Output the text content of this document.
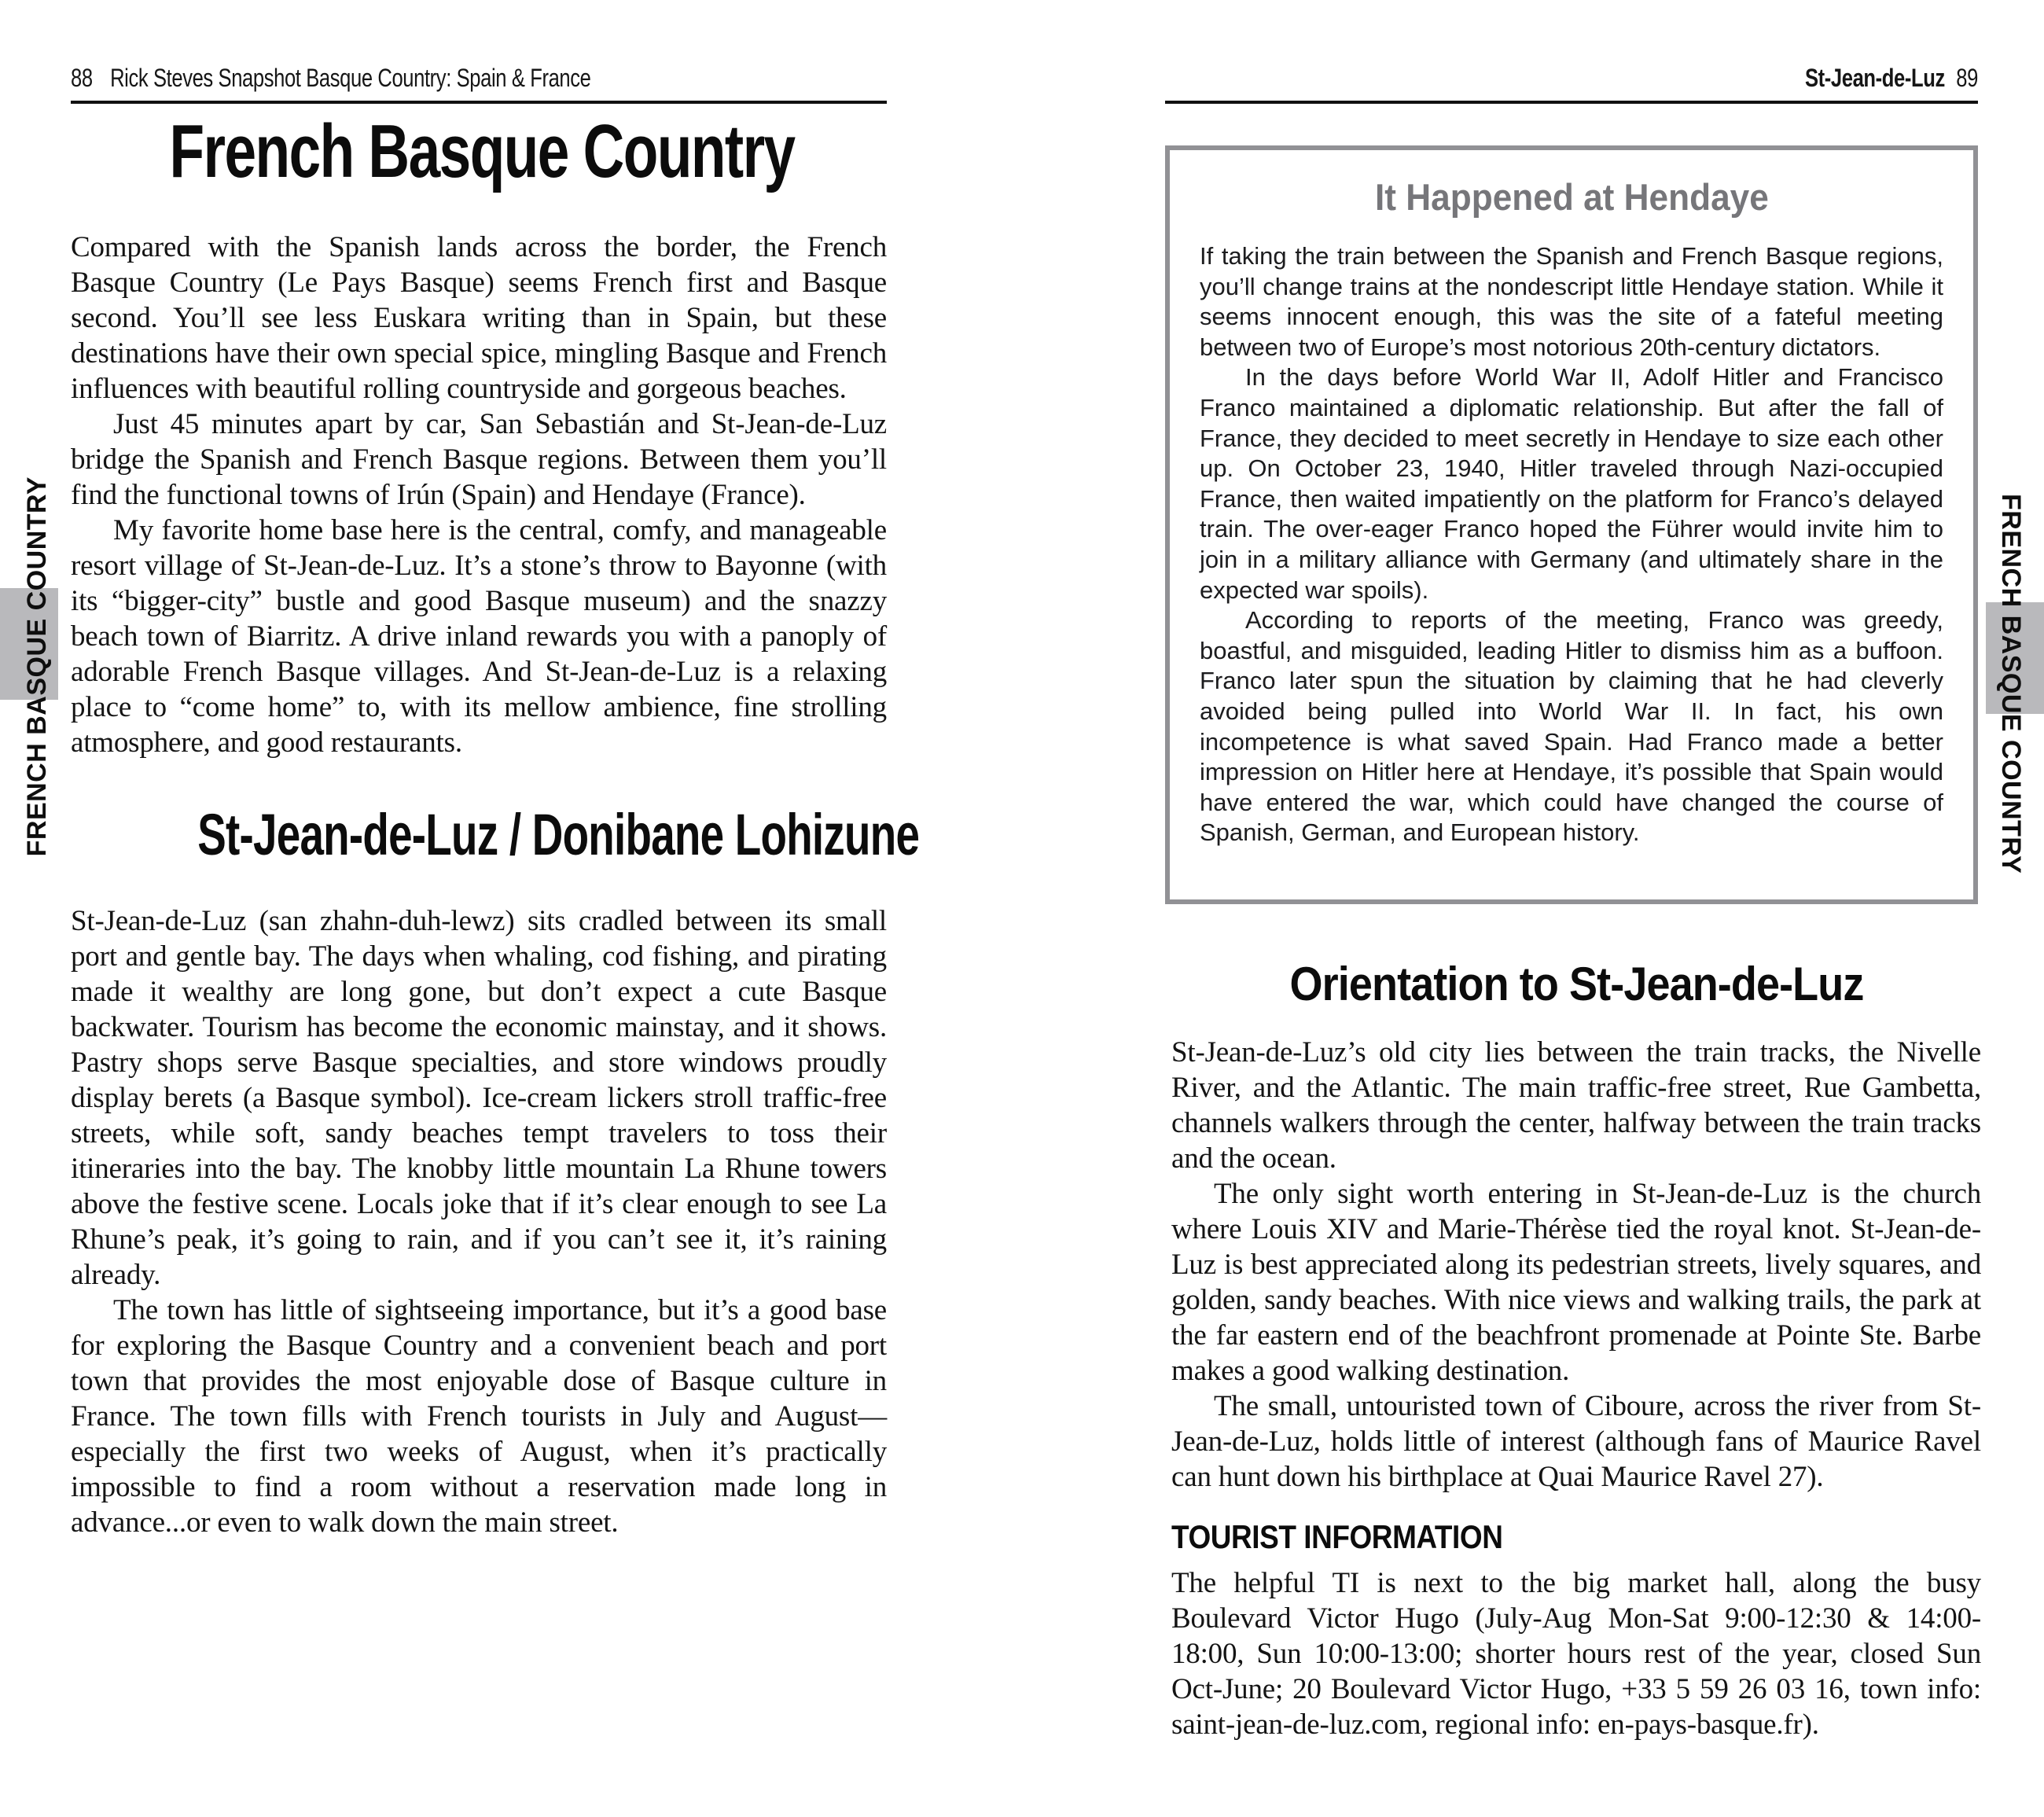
88 Rick Steves Snapshot Basque Country: Spain & France	St-Jean-de-Luz 89
French Basque Country

Compared with the Spanish lands across the border, the French Basque Country (Le Pays Basque) seems French first and Basque second. You’ll see less Euskara writing than in Spain, but these destinations have their own special spice, mingling Basque and French influences with beautiful rolling countryside and gorgeous beaches.

Just 45 minutes apart by car, San Sebastián and St-Jean-de-Luz bridge the Spanish and French Basque regions. Between them you’ll find the functional towns of Irún (Spain) and Hendaye (France).

My favorite home base here is the central, comfy, and manageable resort village of St-Jean-de-Luz. It’s a stone’s throw to Bayonne (with its “bigger-city” bustle and good Basque museum) and the snazzy beach town of Biarritz. A drive inland rewards you with a panoply of adorable French Basque villages. And St-Jean-de-Luz is a relaxing place to “come home” to, with its mellow ambience, fine strolling atmosphere, and good restaurants.

St-Jean-de-Luz / Donibane Lohizune

St-Jean-de-Luz (san zhahn-duh-lewz) sits cradled between its small port and gentle bay. The days when whaling, cod fishing, and pirating made it wealthy are long gone, but don’t expect a cute Basque backwater. Tourism has become the economic mainstay, and it shows. Pastry shops serve Basque specialties, and store windows proudly display berets (a Basque symbol). Ice-cream lickers stroll traffic-free streets, while soft, sandy beaches tempt travelers to toss their itineraries into the bay. The knobby little mountain La Rhune towers above the festive scene. Locals joke that if it’s clear enough to see La Rhune’s peak, it’s going to rain, and if you can’t see it, it’s raining already.

The town has little of sightseeing importance, but it’s a good base for exploring the Basque Country and a convenient beach and port town that provides the most enjoyable dose of Basque culture in France. The town fills with French tourists in July and August—especially the first two weeks of August, when it’s practically impossible to find a room without a reservation made long in advance...or even to walk down the main street.

It Happened at Hendaye

If taking the train between the Spanish and French Basque regions, you’ll change trains at the nondescript little Hendaye station. While it seems innocent enough, this was the site of a fateful meeting between two of Europe’s most notorious 20th-century dictators.

In the days before World War II, Adolf Hitler and Francisco Franco maintained a diplomatic relationship. But after the fall of France, they decided to meet secretly in Hendaye to size each other up. On October 23, 1940, Hitler traveled through Nazi-occupied France, then waited impatiently on the platform for Franco’s delayed train. The over-eager Franco hoped the Führer would invite him to join in a military alliance with Germany (and ultimately share in the expected war spoils).

According to reports of the meeting, Franco was greedy, boastful, and misguided, leading Hitler to dismiss him as a buffoon. Franco later spun the situation by claiming that he had cleverly avoided being pulled into World War II. In fact, his own incompetence is what saved Spain. Had Franco made a better impression on Hitler here at Hendaye, it’s possible that Spain would have entered the war, which could have changed the course of Spanish, German, and European history.

Orientation to St-Jean-de-Luz

St-Jean-de-Luz’s old city lies between the train tracks, the Nivelle River, and the Atlantic. The main traffic-free street, Rue Gambetta, channels walkers through the center, halfway between the train tracks and the ocean.

The only sight worth entering in St-Jean-de-Luz is the church where Louis XIV and Marie-Thérèse tied the royal knot. St-Jean-de-Luz is best appreciated along its pedestrian streets, lively squares, and golden, sandy beaches. With nice views and walking trails, the park at the far eastern end of the beachfront promenade at Pointe Ste. Barbe makes a good walking destination.

The small, untouristed town of Ciboure, across the river from St-Jean-de-Luz, holds little of interest (although fans of Maurice Ravel can hunt down his birthplace at Quai Maurice Ravel 27).

TOURIST INFORMATION

The helpful TI is next to the big market hall, along the busy Boulevard Victor Hugo (July-Aug Mon-Sat 9:00-12:30 & 14:00-18:00, Sun 10:00-13:00; shorter hours rest of the year, closed Sun Oct-June; 20 Boulevard Victor Hugo, +33 5 59 26 03 16, town info: saint-jean-de-luz.com, regional info: en-pays-basque.fr).

FRENCH BASQUE COUNTRY	FRENCH BASQUE COUNTRY
